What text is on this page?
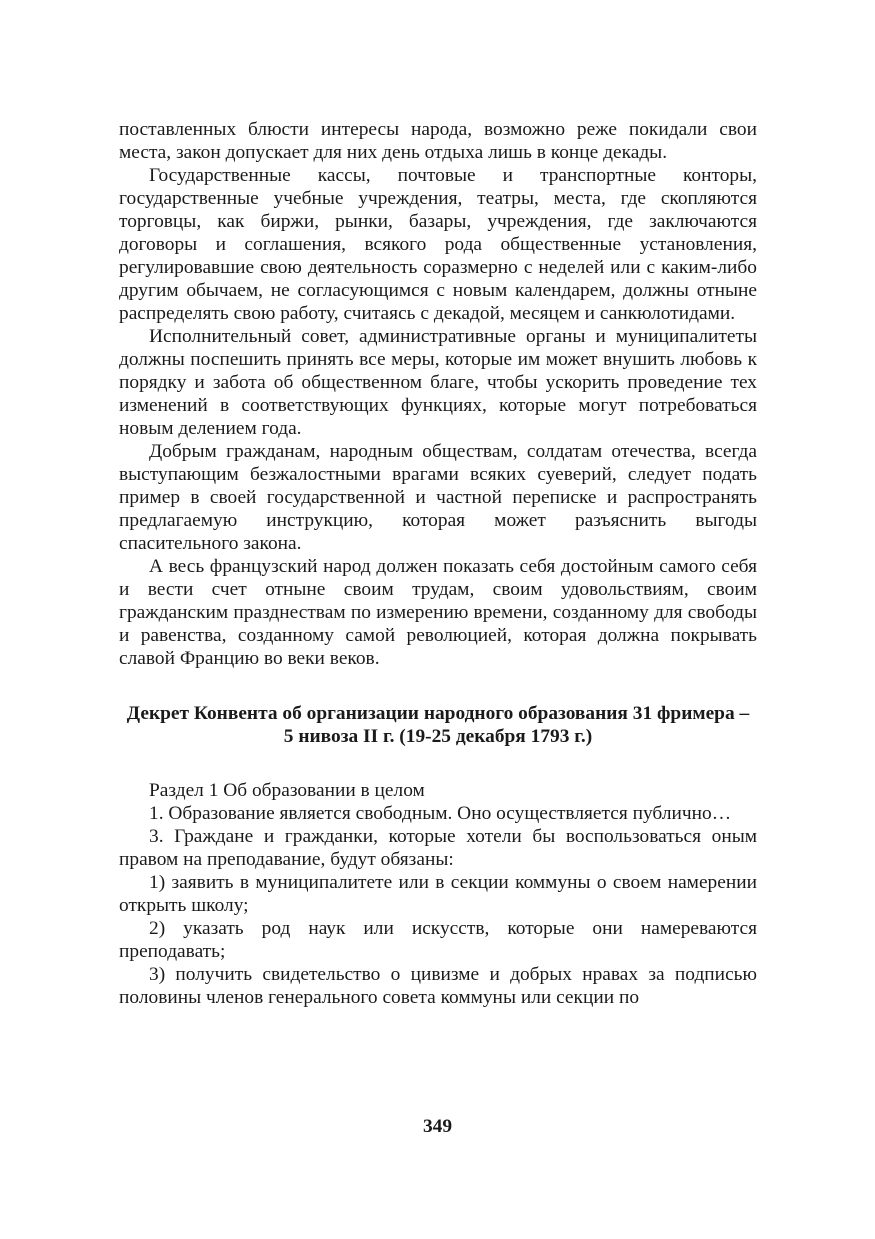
поставленных блюсти интересы народа, возможно реже покидали свои места, закон допускает для них день отдыха лишь в конце декады.

Государственные кассы, почтовые и транспортные конторы, государственные учебные учреждения, театры, места, где скопляются торговцы, как биржи, рынки, базары, учреждения, где заключаются договоры и соглашения, всякого рода общественные установления, регулировавшие свою деятельность соразмерно с неделей или с каким-либо другим обычаем, не согласующимся с новым календарем, должны отныне распределять свою работу, считаясь с декадой, месяцем и санкюлотидами.

Исполнительный совет, административные органы и муниципалитеты должны поспешить принять все меры, которые им может внушить любовь к порядку и забота об общественном благе, чтобы ускорить проведение тех изменений в соответствующих функциях, которые могут потребоваться новым делением года.

Добрым гражданам, народным обществам, солдатам отечества, всегда выступающим безжалостными врагами всяких суеверий, следует подать пример в своей государственной и частной переписке и распространять предлагаемую инструкцию, которая может разъяснить выгоды спасительного закона.

А весь французский народ должен показать себя достойным самого себя и вести счет отныне своим трудам, своим удовольствиям, своим гражданским празднествам по измерению времени, созданному для свободы и равенства, созданному самой революцией, которая должна покрывать славой Францию во веки веков.

Декрет Конвента об организации народного образования 31 фримера – 5 нивоза II г. (19-25 декабря 1793 г.)

Раздел 1 Об образовании в целом

1. Образование является свободным. Оно осуществляется публично…

3. Граждане и гражданки, которые хотели бы воспользоваться оным правом на преподавание, будут обязаны:

1) заявить в муниципалитете или в секции коммуны о своем намерении открыть школу;

2) указать род наук или искусств, которые они намереваются преподавать;

3) получить свидетельство о цивизме и добрых нравах за подписью половины членов генерального совета коммуны или секции по

349
